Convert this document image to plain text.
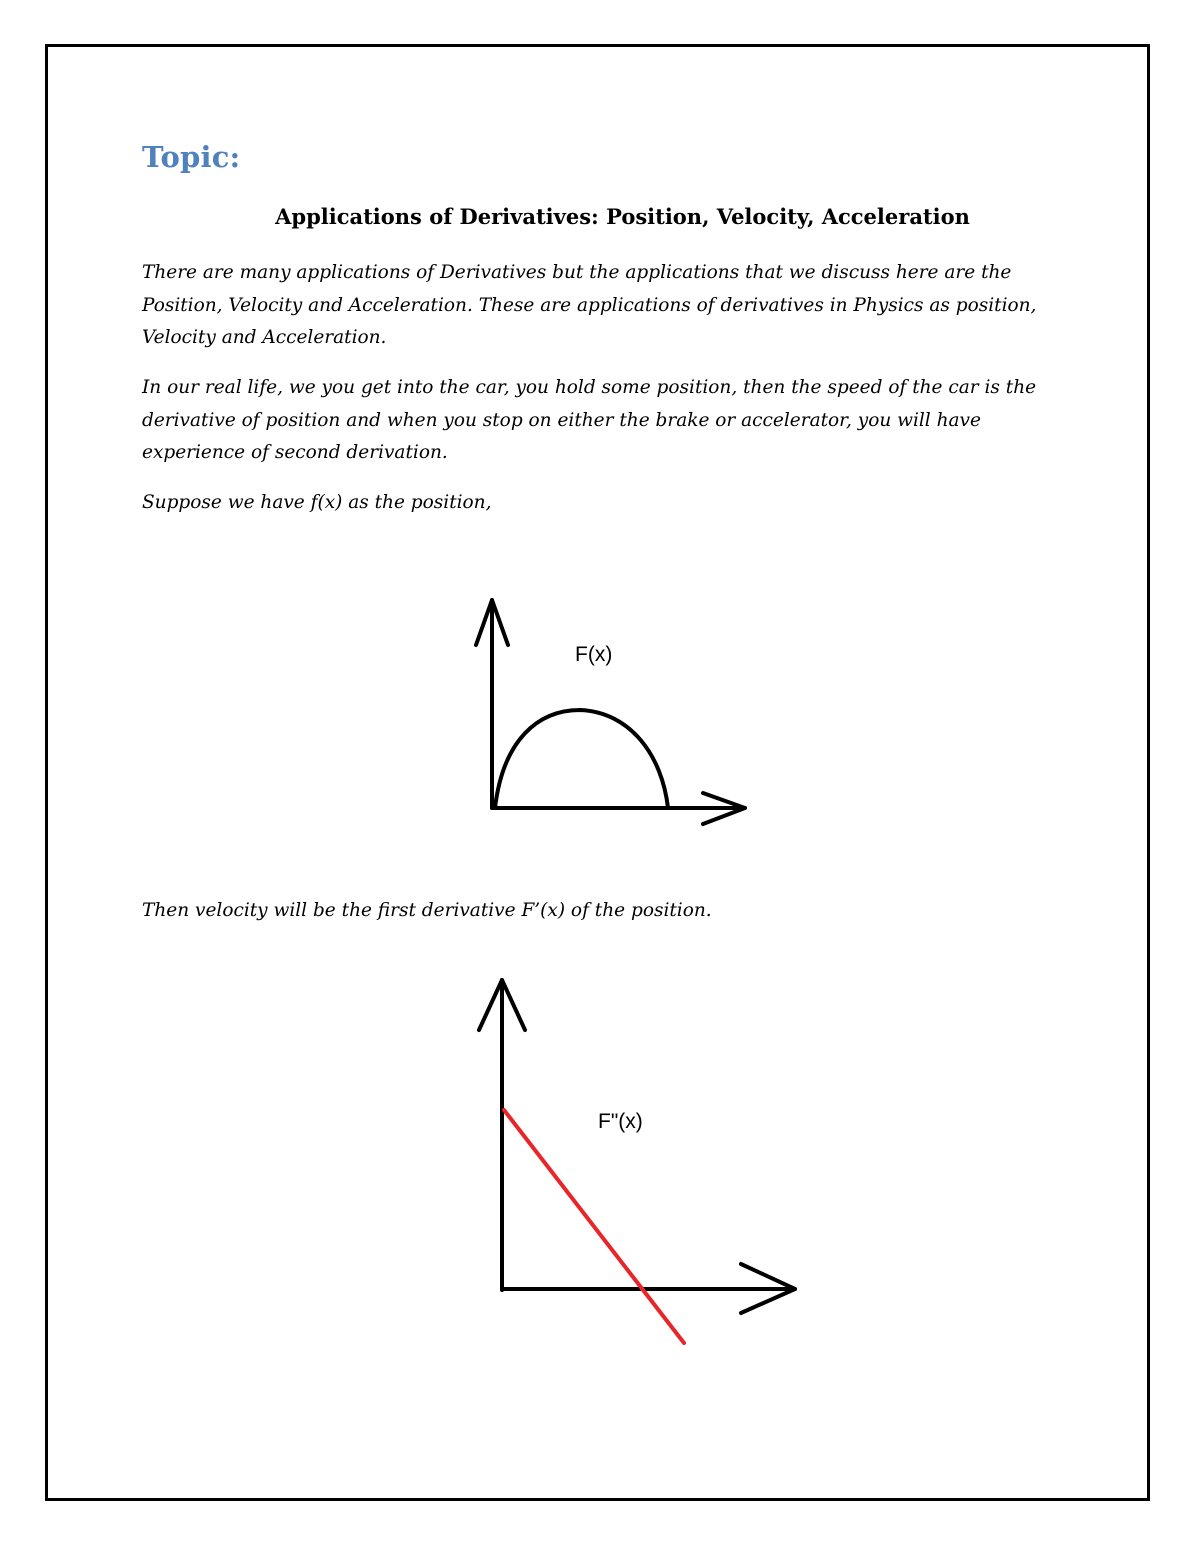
Topic:
Applications of Derivatives: Position, Velocity, Acceleration

There are many applications of Derivatives but the applications that we discuss here are the Position, Velocity and Acceleration. These are applications of derivatives in Physics as position, Velocity and Acceleration.

In our real life, we you get into the car, you hold some position, then the speed of the car is the derivative of position and when you stop on either the brake or accelerator, you will have experience of second derivation.

Suppose we have f(x) as the position,

F(x)
F"(x)

Then velocity will be the first derivative F’(x) of the position.
